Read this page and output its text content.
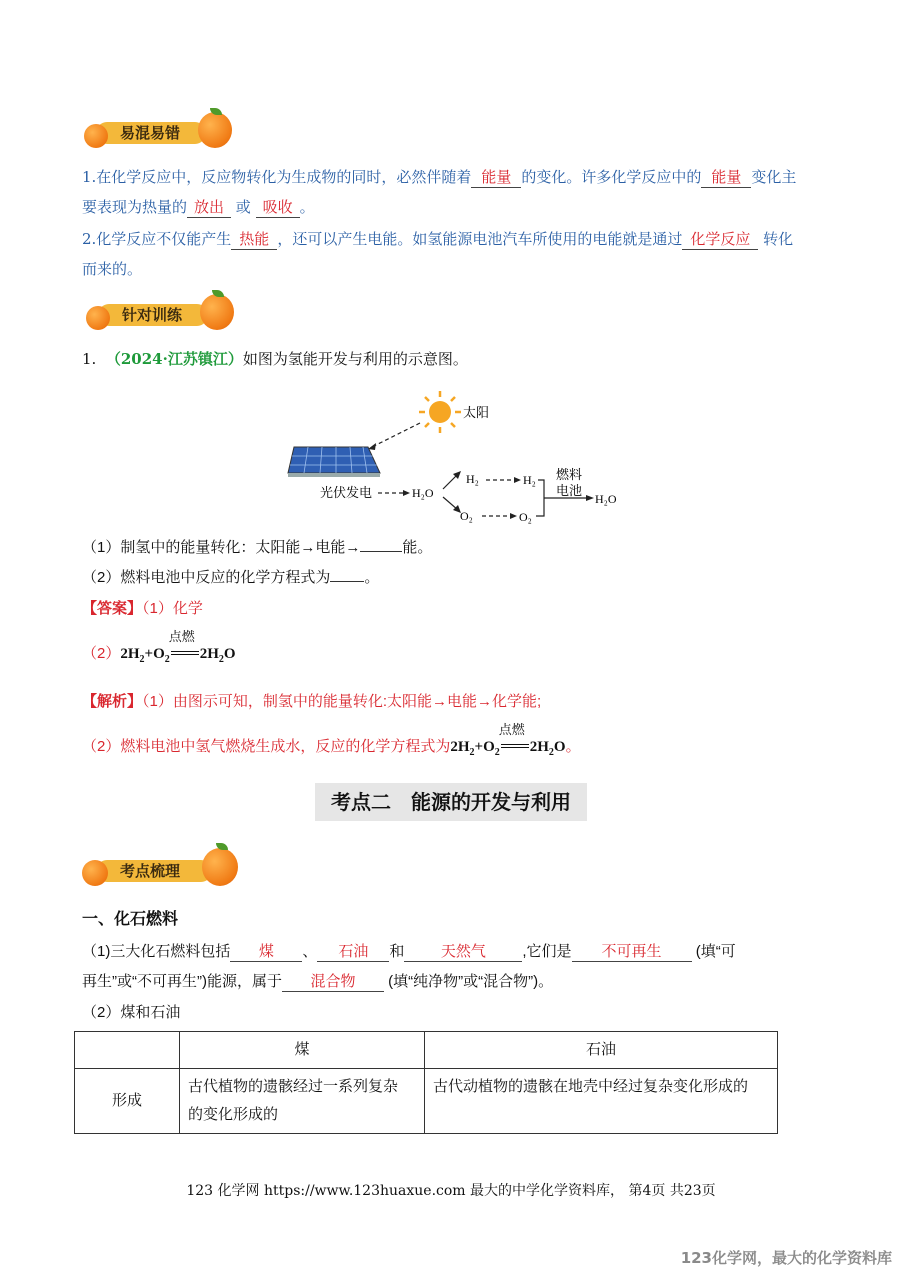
易混易错
1.在化学反应中，反应物转化为生成物的同时，必然伴随着 能量 的变化。许多化学反应中的 能量 变化主
要表现为热量的 放出 或 吸收 。
2.化学反应不仅能产生 热能 ，还可以产生电能。如氢能源电池汽车所使用的电能就是通过 化学反应 转化
而来的。
针对训练
1. （2024·江苏镇江）如图为氢能开发与利用的示意图。
太阳
光伏发电	H₂O
H₂
O₂
H₂
O₂
燃料
电池
H₂O
（1）制氢中的能量转化：太阳能→电能→	能。
（2）燃料电池中反应的化学方程式为 。
【答案】（1）化学
$(2)2H_2+O_2$
点燃
$2H_2O$
【解析】（1）由图示可知，制氢中的能量转化:太阳能→电能→化学能;
（2）燃料电池中氢气燃烧生成水，反应的化学方程式为$2H_2+O_2$
点燃
$2H_2O$。
考点二　能源的开发与利用
考点梳理
一、化石燃料
（1)三大化石燃料包括 煤 、 石油 和 天然气 ,它们是 不可再生 (填“可
再生”或“不可再生”)能源，属于 混合物 (填“纯净物”或“混合物”)。
（2）煤和石油
	煤	石油
形成	古代植物的遗骸经过一系列复杂
的变化形成的	古代动植物的遗骸在地壳中经过复杂变化形成的
123 化学网 https://www.123huaxue.com 最大的中学化学资料库， 第4页 共23页
123化学网，最大的化学资料库
